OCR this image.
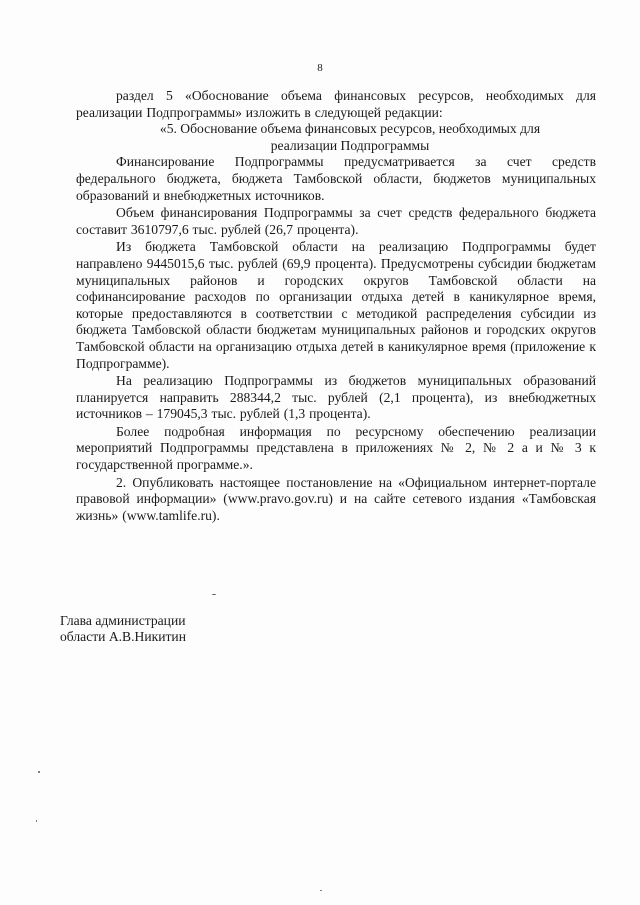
8

раздел 5 «Обоснование объема финансовых ресурсов, необходимых для реализации Подпрограммы» изложить в следующей редакции:

«5. Обоснование объема финансовых ресурсов, необходимых для

реализации Подпрограммы

Финансирование Подпрограммы предусматривается за счет средств федерального бюджета, бюджета Тамбовской области, бюджетов муниципальных образований и внебюджетных источников.

Объем финансирования Подпрограммы за счет средств федерального бюджета составит 3610797,6 тыс. рублей (26,7 процента).

Из бюджета Тамбовской области на реализацию Подпрограммы будет направлено 9445015,6 тыс. рублей (69,9 процента). Предусмотрены субсидии бюджетам муниципальных районов и городских округов Тамбовской области на софинансирование расходов по организации отдыха детей в каникулярное время, которые предоставляются в соответствии с методикой распределения субсидии из бюджета Тамбовской области бюджетам муниципальных районов и городских округов Тамбовской области на организацию отдыха детей в каникулярное время (приложение к Подпрограмме).

На реализацию Подпрограммы из бюджетов муниципальных образований планируется направить 288344,2 тыс. рублей (2,1 процента), из внебюджетных источников – 179045,3 тыс. рублей (1,3 процента).

Более подробная информация по ресурсному обеспечению реализации мероприятий Подпрограммы представлена в приложениях № 2, № 2 а и № 3 к государственной программе.».

2. Опубликовать настоящее постановление на «Официальном интернет-портале правовой информации» (www.pravo.gov.ru) и на сайте сетевого издания «Тамбовская жизнь» (www.tamlife.ru).

Глава администрации
области А.В.Никитин
